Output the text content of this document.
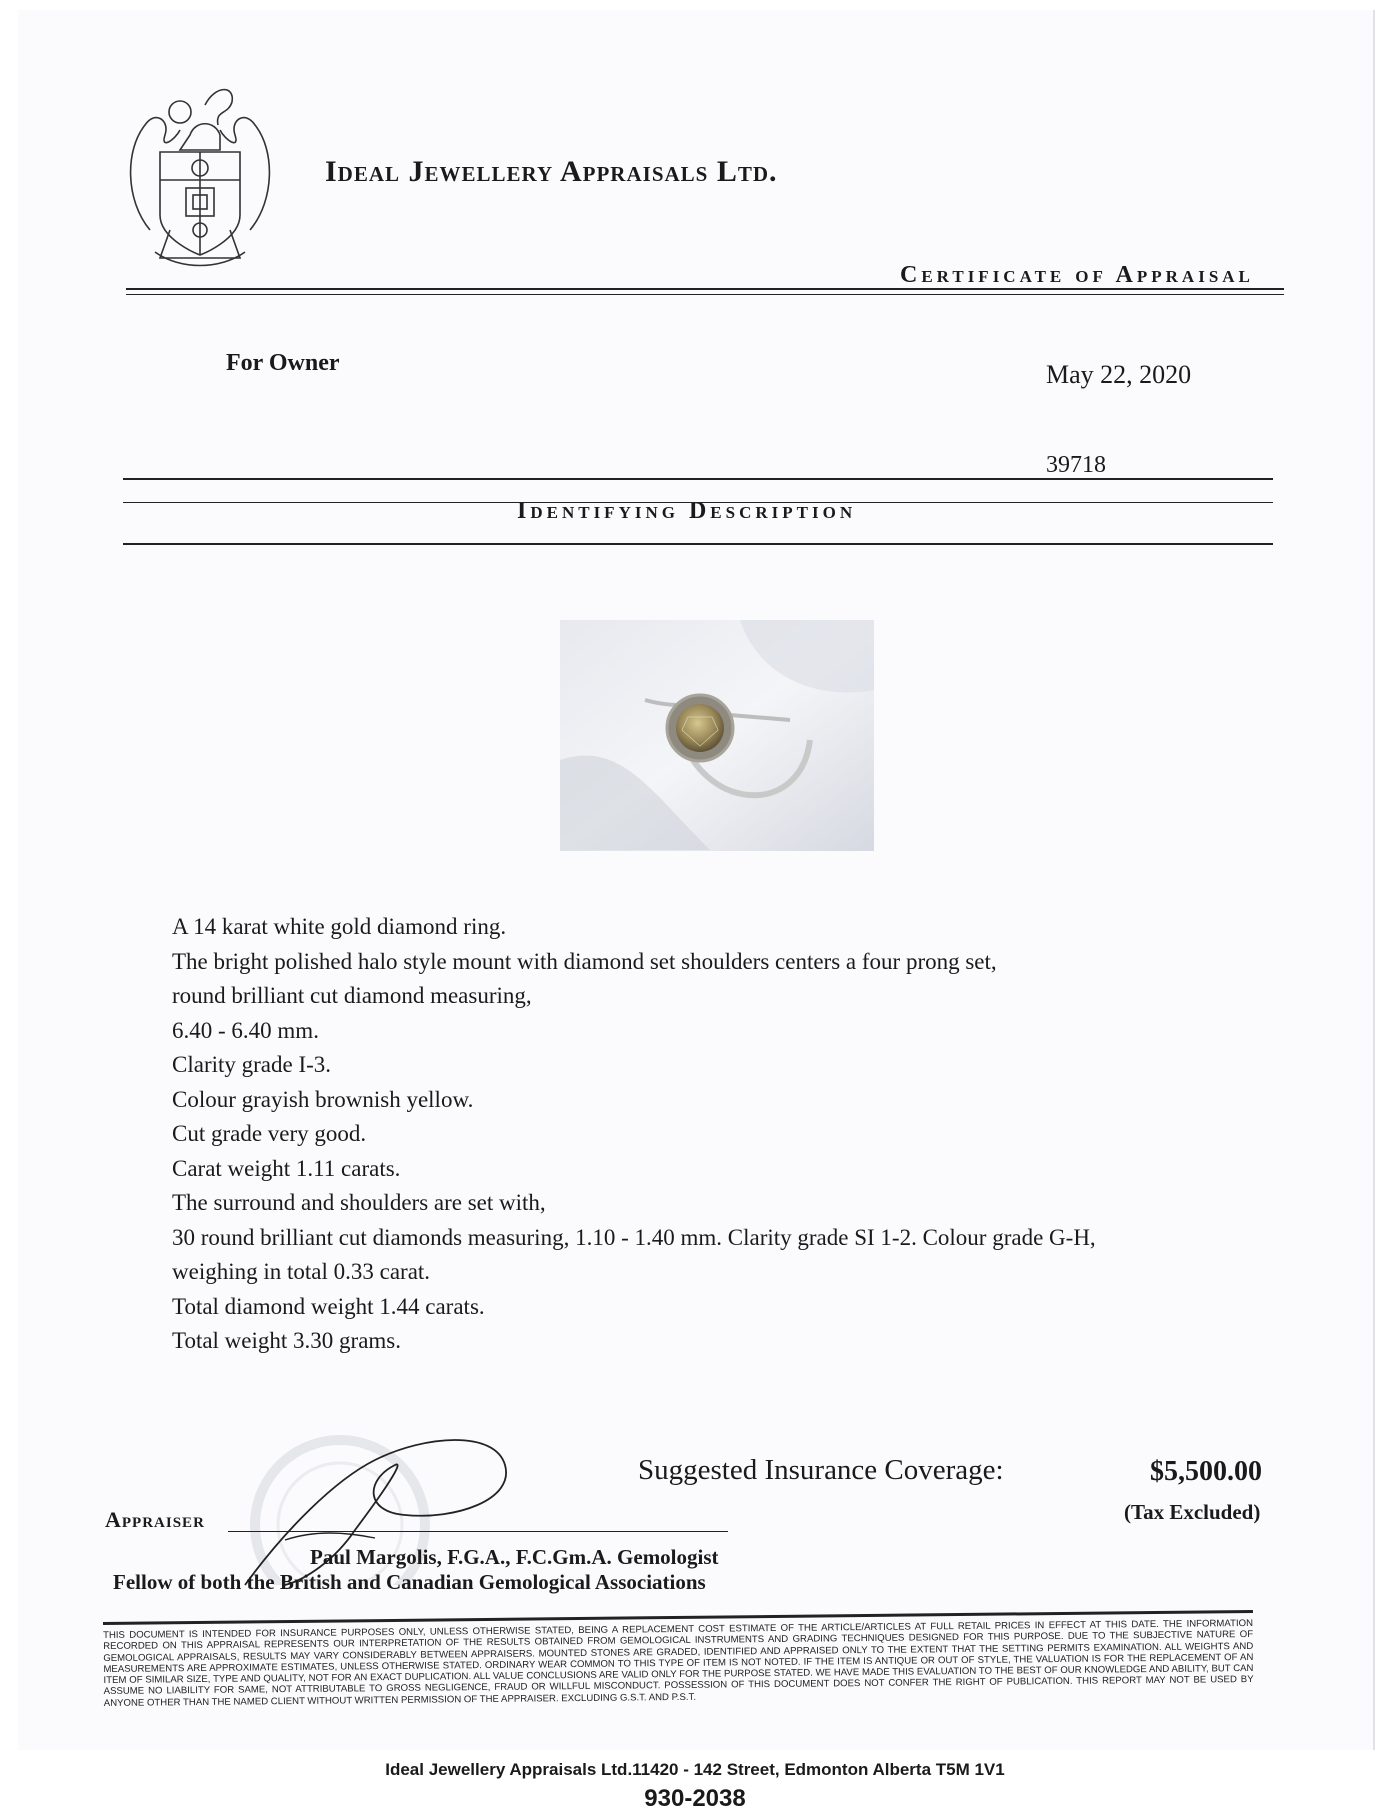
Ideal Jewellery Appraisals Ltd.
Certificate of Appraisal
For Owner	May 22, 2020
39718
Identifying Description
A 14 karat white gold diamond ring.
The bright polished halo style mount with diamond set shoulders centers a four prong set,
round brilliant cut diamond measuring,
6.40 - 6.40 mm.
Clarity grade I-3.
Colour grayish brownish yellow.
Cut grade very good.
Carat weight 1.11 carats.
The surround and shoulders are set with,
30 round brilliant cut diamonds measuring, 1.10 - 1.40 mm. Clarity grade SI 1-2. Colour grade G-H,
weighing in total 0.33 carat.
Total diamond weight 1.44 carats.
Total weight 3.30 grams.
Suggested Insurance Coverage:	$5,500.00
(Tax Excluded)
Appraiser
Paul Margolis, F.G.A., F.C.Gm.A. Gemologist
Fellow of both the British and Canadian Gemological Associations
THIS DOCUMENT IS INTENDED FOR INSURANCE PURPOSES ONLY, UNLESS OTHERWISE STATED, BEING A REPLACEMENT COST ESTIMATE OF THE ARTICLE/ARTICLES AT FULL RETAIL PRICES IN EFFECT AT THIS DATE. THE INFORMATION RECORDED ON THIS APPRAISAL REPRESENTS OUR INTERPRETATION OF THE RESULTS OBTAINED FROM GEMOLOGICAL INSTRUMENTS AND GRADING TECHNIQUES DESIGNED FOR THIS PURPOSE. DUE TO THE SUBJECTIVE NATURE OF GEMOLOGICAL APPRAISALS, RESULTS MAY VARY CONSIDERABLY BETWEEN APPRAISERS. MOUNTED STONES ARE GRADED, IDENTIFIED AND APPRAISED ONLY TO THE EXTENT THAT THE SETTING PERMITS EXAMINATION. ALL WEIGHTS AND MEASUREMENTS ARE APPROXIMATE ESTIMATES, UNLESS OTHERWISE STATED. ORDINARY WEAR COMMON TO THIS TYPE OF ITEM IS NOT NOTED. IF THE ITEM IS ANTIQUE OR OUT OF STYLE, THE VALUATION IS FOR THE REPLACEMENT OF AN ITEM OF SIMILAR SIZE, TYPE AND QUALITY, NOT FOR AN EXACT DUPLICATION. ALL VALUE CONCLUSIONS ARE VALID ONLY FOR THE PURPOSE STATED. WE HAVE MADE THIS EVALUATION TO THE BEST OF OUR KNOWLEDGE AND ABILITY, BUT CAN ASSUME NO LIABILITY FOR SAME, NOT ATTRIBUTABLE TO GROSS NEGLIGENCE, FRAUD OR WILLFUL MISCONDUCT. POSSESSION OF THIS DOCUMENT DOES NOT CONFER THE RIGHT OF PUBLICATION. THIS REPORT MAY NOT BE USED BY ANYONE OTHER THAN THE NAMED CLIENT WITHOUT WRITTEN PERMISSION OF THE APPRAISER. EXCLUDING G.S.T. AND P.S.T.
Ideal Jewellery Appraisals Ltd.11420 - 142 Street, Edmonton Alberta T5M 1V1
930-2038
